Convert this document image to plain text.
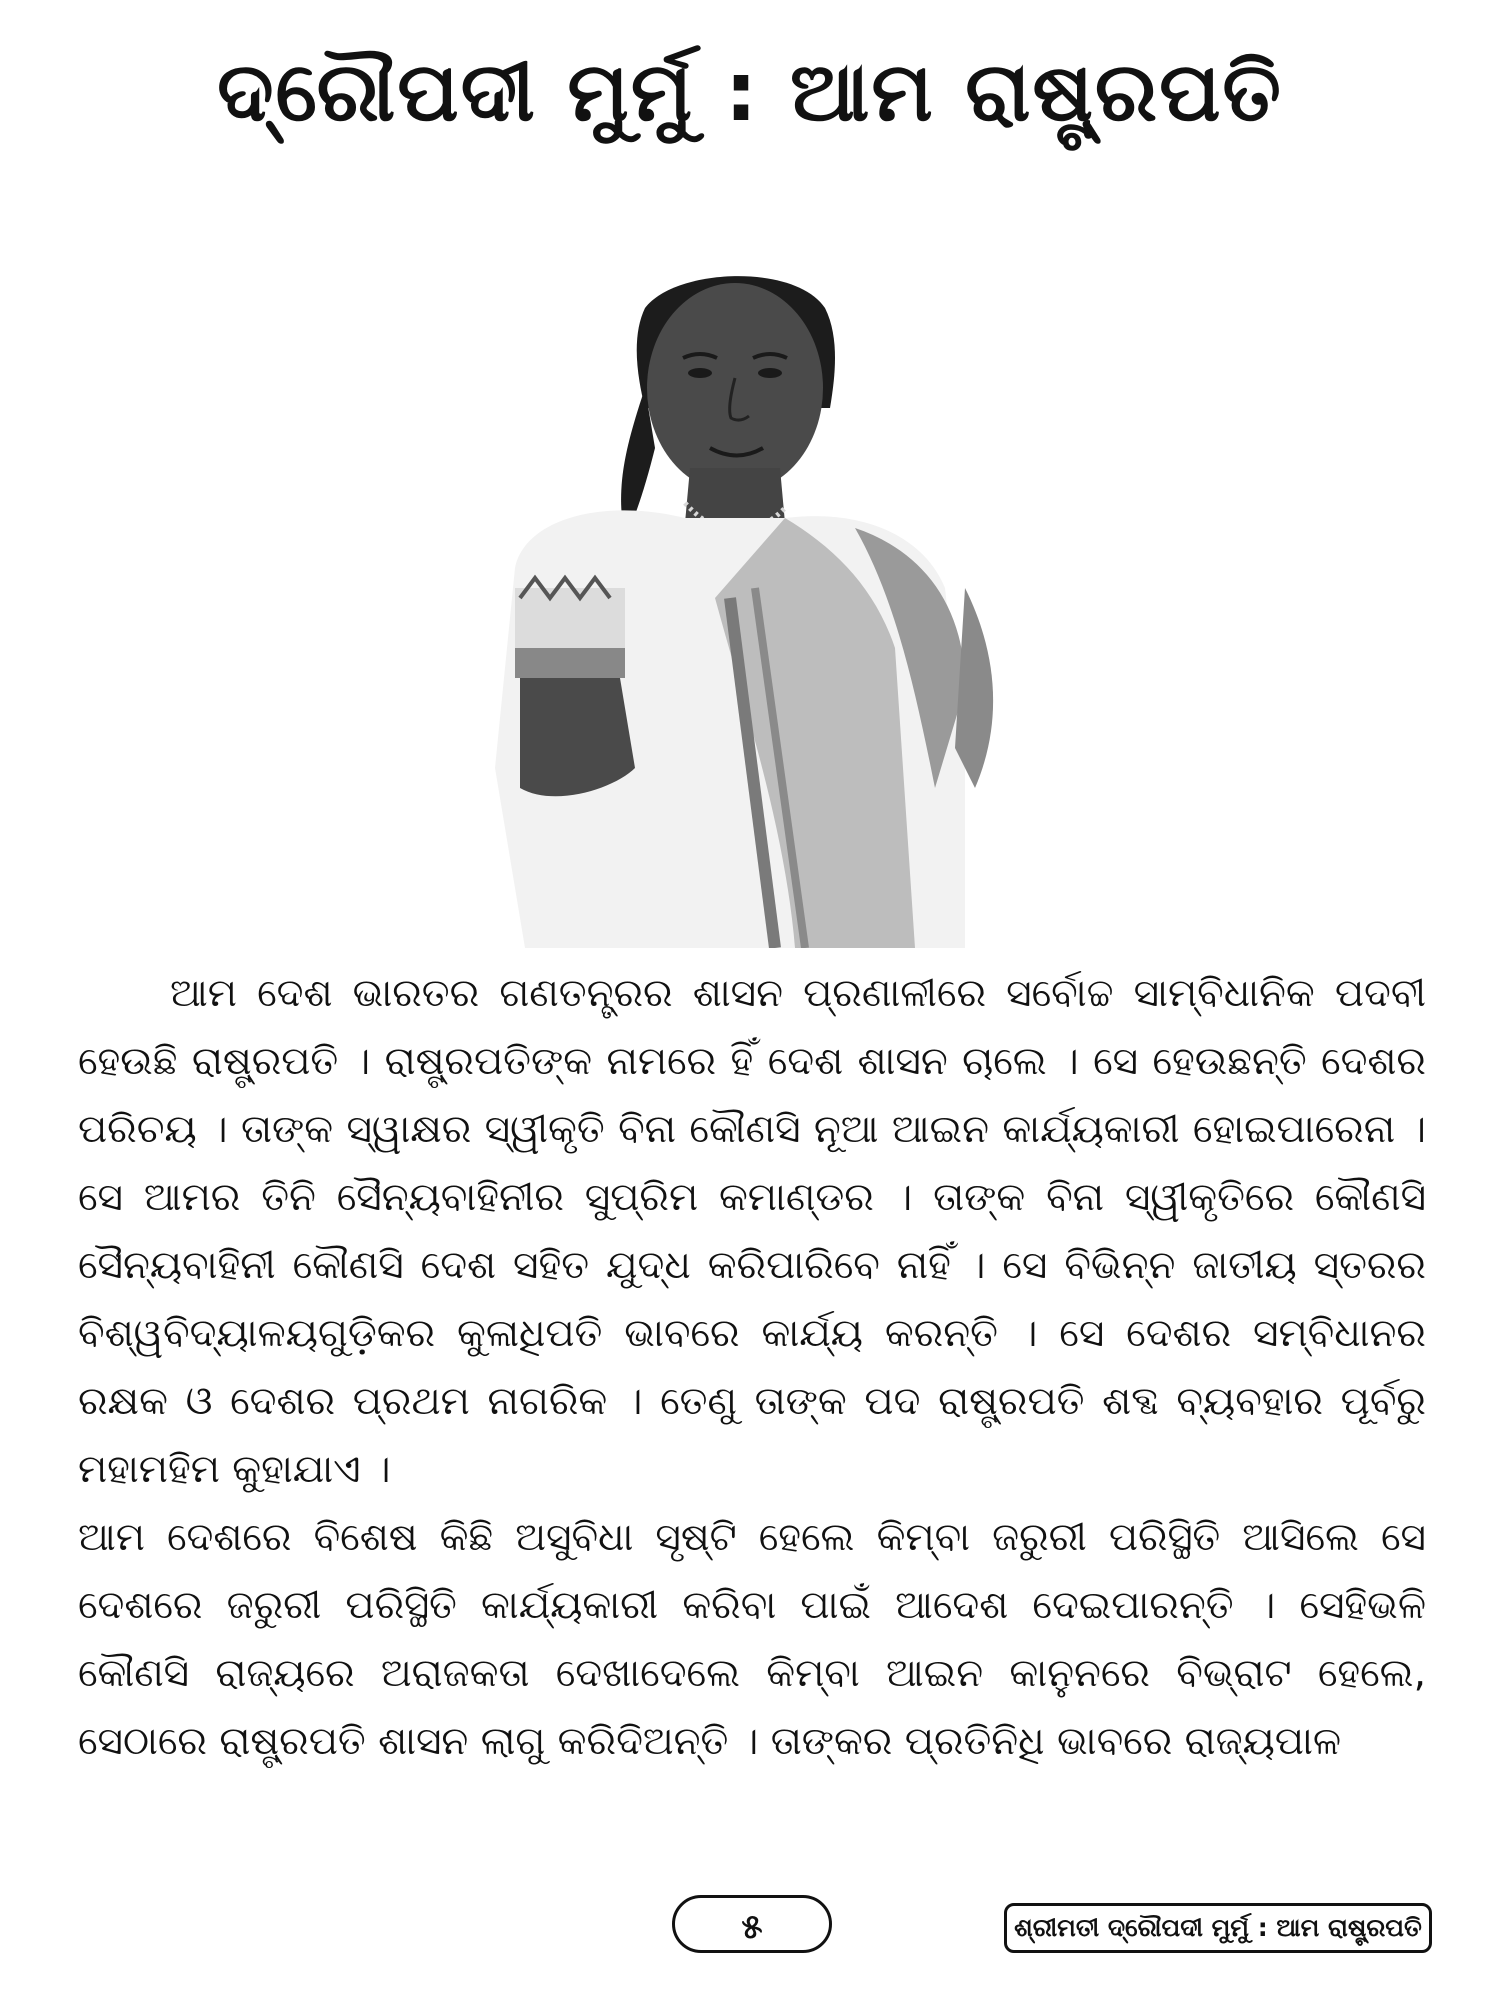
ଦ୍ରୌପଦୀ ମୁର୍ମୁ : ଆମ ରାଷ୍ଟ୍ରପତି

ଆମ ଦେଶ ଭାରତର ଗଣତନ୍ତ୍ରର ଶାସନ ପ୍ରଣାଳୀରେ ସର୍ବୋଚ୍ଚ ସାମ୍ବିଧାନିକ ପଦବୀ ହେଉଛି ରାଷ୍ଟ୍ରପତି । ରାଷ୍ଟ୍ରପତିଙ୍କ ନାମରେ ହିଁ ଦେଶ ଶାସନ ଚାଲେ । ସେ ହେଉଛନ୍ତି ଦେଶର ପରିଚୟ । ତାଙ୍କ ସ୍ୱାକ୍ଷର ସ୍ୱୀକୃତି ବିନା କୌଣସି ନୂଆ ଆଇନ କାର୍ଯ୍ୟକାରୀ ହୋଇପାରେନା । ସେ ଆମର ତିନି ସୈନ୍ୟବାହିନୀର ସୁପ୍ରିମ କମାଣ୍ଡର । ତାଙ୍କ ବିନା ସ୍ୱୀକୃତିରେ କୌଣସି ସୈନ୍ୟବାହିନୀ କୌଣସି ଦେଶ ସହିତ ଯୁଦ୍ଧ କରିପାରିବେ ନାହିଁ । ସେ ବିଭିନ୍ନ ଜାତୀୟ ସ୍ତରର ବିଶ୍ୱବିଦ୍ୟାଳୟଗୁଡ଼ିକର କୁଳାଧିପତି ଭାବରେ କାର୍ଯ୍ୟ କରନ୍ତି । ସେ ଦେଶର ସମ୍ବିଧାନର ରକ୍ଷକ ଓ ଦେଶର ପ୍ରଥମ ନାଗରିକ । ତେଣୁ ତାଙ୍କ ପଦ ରାଷ୍ଟ୍ରପତି ଶବ୍ଦ ବ୍ୟବହାର ପୂର୍ବରୁ ମହାମହିମ କୁହାଯାଏ ।

ଆମ ଦେଶରେ ବିଶେଷ କିଛି ଅସୁବିଧା ସୃଷ୍ଟି ହେଲେ କିମ୍ବା ଜରୁରୀ ପରିସ୍ଥିତି ଆସିଲେ ସେ ଦେଶରେ ଜରୁରୀ ପରିସ୍ଥିତି କାର୍ଯ୍ୟକାରୀ କରିବା ପାଇଁ ଆଦେଶ ଦେଇପାରନ୍ତି । ସେହିଭଳି କୌଣସି ରାଜ୍ୟରେ ଅରାଜକତା ଦେଖାଦେଲେ କିମ୍ବା ଆଇନ କାନୁନରେ ବିଭ୍ରାଟ ହେଲେ, ସେଠାରେ ରାଷ୍ଟ୍ରପତି ଶାସନ ଲାଗୁ କରିଦିଅନ୍ତି । ତାଙ୍କର ପ୍ରତିନିଧି ଭାବରେ ରାଜ୍ୟପାଳ

୫	ଶ୍ରୀମତୀ ଦ୍ରୌପଦୀ ମୁର୍ମୁ : ଆମ ରାଷ୍ଟ୍ରପତି
